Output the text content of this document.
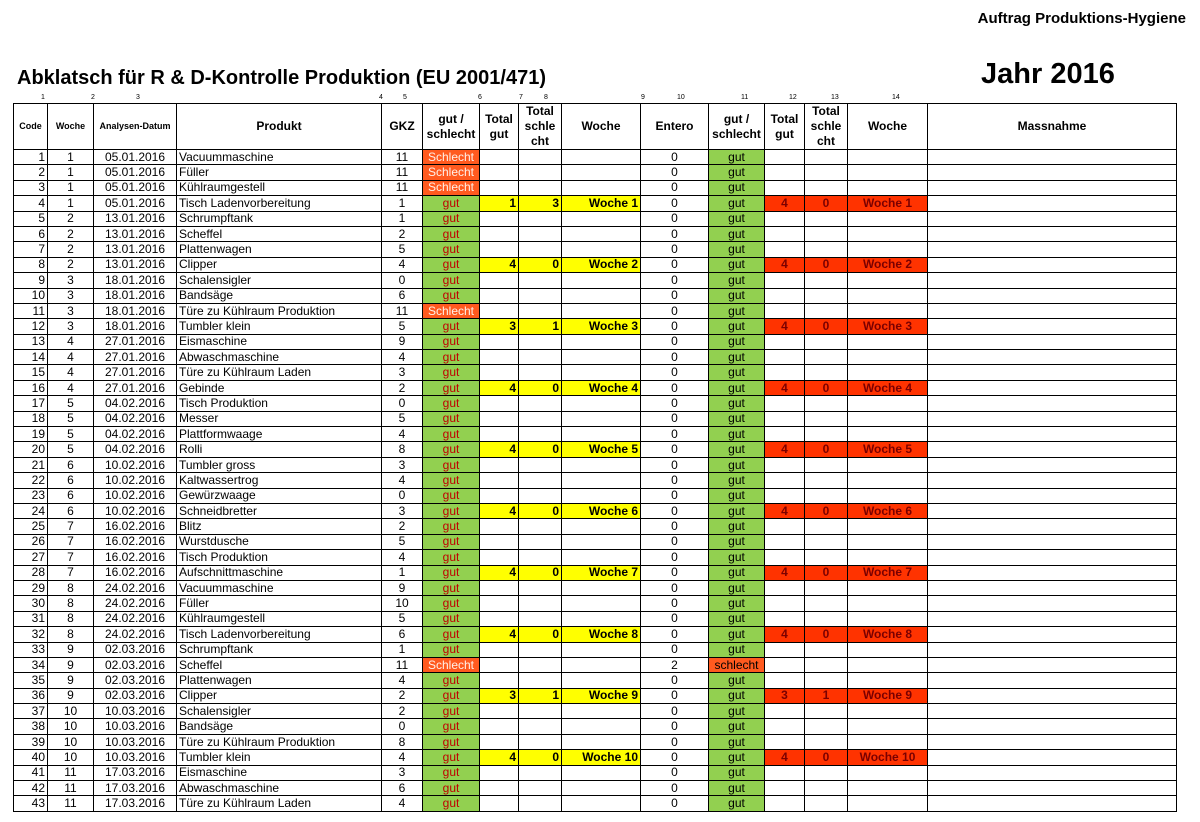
Auftrag Produktions-Hygiene
Abklatsch für R & D-Kontrolle Produktion (EU 2001/471)	Jahr 2016
1	2	3	4	5	6	7	8	9	10	11	12	13	14
Code	Woche	Analysen-Datum	Produkt	GKZ	gut / schlecht	Total gut	Total schle cht	Woche	Entero	gut / schlecht	Total gut	Total schle cht	Woche	Massnahme
1	1	05.01.2016	Vacuummaschine	11	Schlecht				0	gut				
2	1	05.01.2016	Füller	11	Schlecht				0	gut				
3	1	05.01.2016	Kühlraumgestell	11	Schlecht				0	gut				
4	1	05.01.2016	Tisch Ladenvorbereitung	1	gut	1	3	Woche 1	0	gut	4	0	Woche 1	
5	2	13.01.2016	Schrumpftank	1	gut				0	gut				
6	2	13.01.2016	Scheffel	2	gut				0	gut				
7	2	13.01.2016	Plattenwagen	5	gut				0	gut				
8	2	13.01.2016	Clipper	4	gut	4	0	Woche 2	0	gut	4	0	Woche 2	
9	3	18.01.2016	Schalensigler	0	gut				0	gut				
10	3	18.01.2016	Bandsäge	6	gut				0	gut				
11	3	18.01.2016	Türe zu Kühlraum Produktion	11	Schlecht				0	gut				
12	3	18.01.2016	Tumbler klein	5	gut	3	1	Woche 3	0	gut	4	0	Woche 3	
13	4	27.01.2016	Eismaschine	9	gut				0	gut				
14	4	27.01.2016	Abwaschmaschine	4	gut				0	gut				
15	4	27.01.2016	Türe zu Kühlraum Laden	3	gut				0	gut				
16	4	27.01.2016	Gebinde	2	gut	4	0	Woche 4	0	gut	4	0	Woche 4	
17	5	04.02.2016	Tisch Produktion	0	gut				0	gut				
18	5	04.02.2016	Messer	5	gut				0	gut				
19	5	04.02.2016	Plattformwaage	4	gut				0	gut				
20	5	04.02.2016	Rolli	8	gut	4	0	Woche 5	0	gut	4	0	Woche 5	
21	6	10.02.2016	Tumbler gross	3	gut				0	gut				
22	6	10.02.2016	Kaltwassertrog	4	gut				0	gut				
23	6	10.02.2016	Gewürzwaage	0	gut				0	gut				
24	6	10.02.2016	Schneidbretter	3	gut	4	0	Woche 6	0	gut	4	0	Woche 6	
25	7	16.02.2016	Blitz	2	gut				0	gut				
26	7	16.02.2016	Wurstdusche	5	gut				0	gut				
27	7	16.02.2016	Tisch Produktion	4	gut				0	gut				
28	7	16.02.2016	Aufschnittmaschine	1	gut	4	0	Woche 7	0	gut	4	0	Woche 7	
29	8	24.02.2016	Vacuummaschine	9	gut				0	gut				
30	8	24.02.2016	Füller	10	gut				0	gut				
31	8	24.02.2016	Kühlraumgestell	5	gut				0	gut				
32	8	24.02.2016	Tisch Ladenvorbereitung	6	gut	4	0	Woche 8	0	gut	4	0	Woche 8	
33	9	02.03.2016	Schrumpftank	1	gut				0	gut				
34	9	02.03.2016	Scheffel	11	Schlecht				2	schlecht				
35	9	02.03.2016	Plattenwagen	4	gut				0	gut				
36	9	02.03.2016	Clipper	2	gut	3	1	Woche 9	0	gut	3	1	Woche 9	
37	10	10.03.2016	Schalensigler	2	gut				0	gut				
38	10	10.03.2016	Bandsäge	0	gut				0	gut				
39	10	10.03.2016	Türe zu Kühlraum Produktion	8	gut				0	gut				
40	10	10.03.2016	Tumbler klein	4	gut	4	0	Woche 10	0	gut	4	0	Woche 10	
41	11	17.03.2016	Eismaschine	3	gut				0	gut				
42	11	17.03.2016	Abwaschmaschine	6	gut				0	gut				
43	11	17.03.2016	Türe zu Kühlraum Laden	4	gut				0	gut				
